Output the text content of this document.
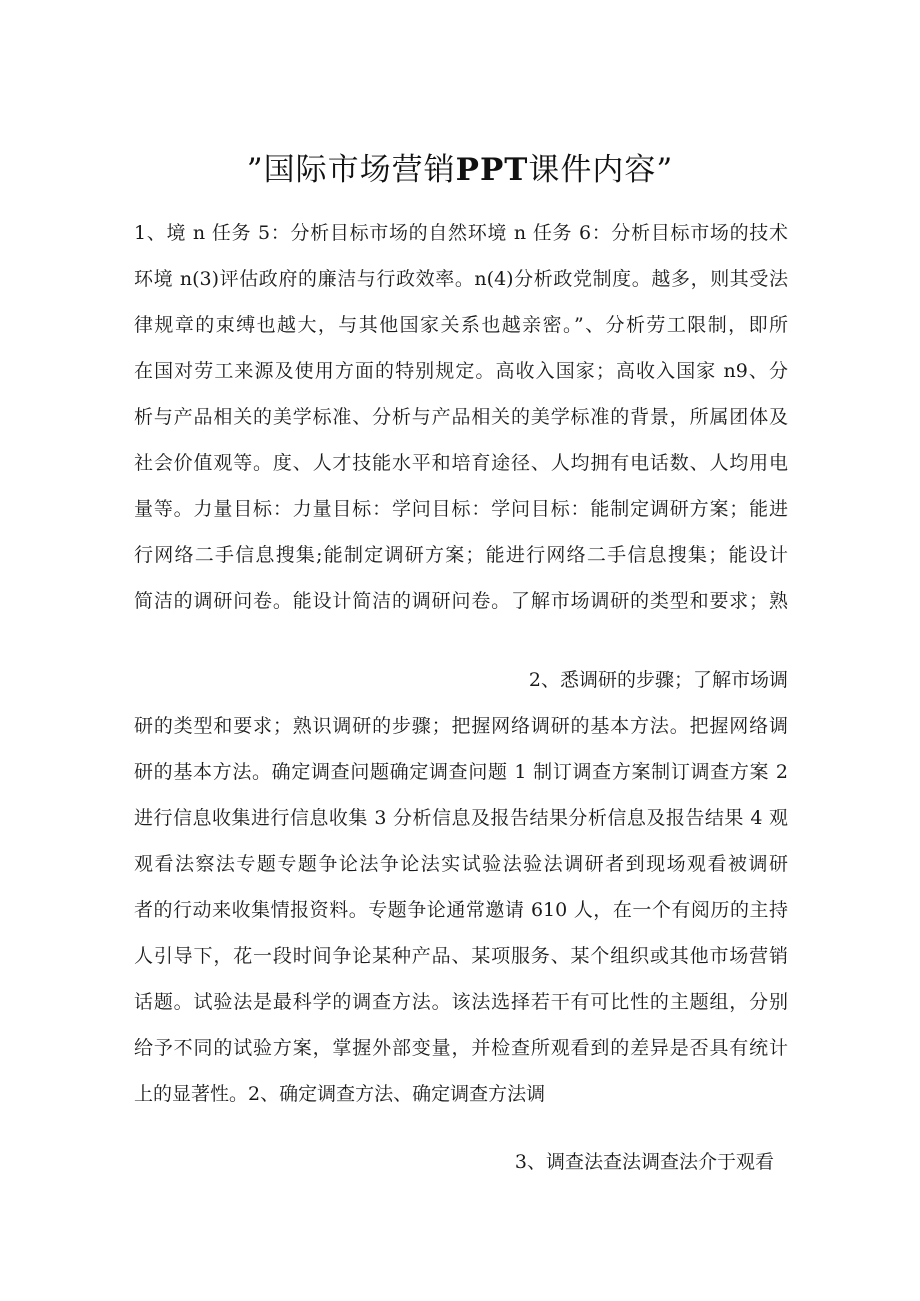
”国际市场营销PPT课件内容”
1、境 n 任务 5：分析目标市场的自然环境 n 任务 6：分析目标市场的技术
环境 n(3)评估政府的廉洁与行政效率。n(4)分析政党制度。越多，则其受法
律规章的束缚也越大，与其他国家关系也越亲密。”、分析劳工限制，即所
在国对劳工来源及使用方面的特别规定。高收入国家；高收入国家 n9、分
析与产品相关的美学标准、分析与产品相关的美学标准的背景，所属团体及
社会价值观等。度、人才技能水平和培育途径、人均拥有电话数、人均用电
量等。力量目标：力量目标：学问目标：学问目标：能制定调研方案；能进
行网络二手信息搜集;能制定调研方案；能进行网络二手信息搜集；能设计
简洁的调研问卷。能设计简洁的调研问卷。了解市场调研的类型和要求；熟
2、悉调研的步骤；了解市场调
研的类型和要求；熟识调研的步骤；把握网络调研的基本方法。把握网络调
研的基本方法。确定调查问题确定调查问题 1 制订调查方案制订调查方案 2
进行信息收集进行信息收集 3 分析信息及报告结果分析信息及报告结果 4 观
观看法察法专题专题争论法争论法实试验法验法调研者到现场观看被调研
者的行动来收集情报资料。专题争论通常邀请 610 人，在一个有阅历的主持
人引导下，花一段时间争论某种产品、某项服务、某个组织或其他市场营销
话题。试验法是最科学的调查方法。该法选择若干有可比性的主题组，分别
给予不同的试验方案，掌握外部变量，并检查所观看到的差异是否具有统计
上的显著性。2、确定调查方法、确定调查方法调
3、调查法查法调查法介于观看
